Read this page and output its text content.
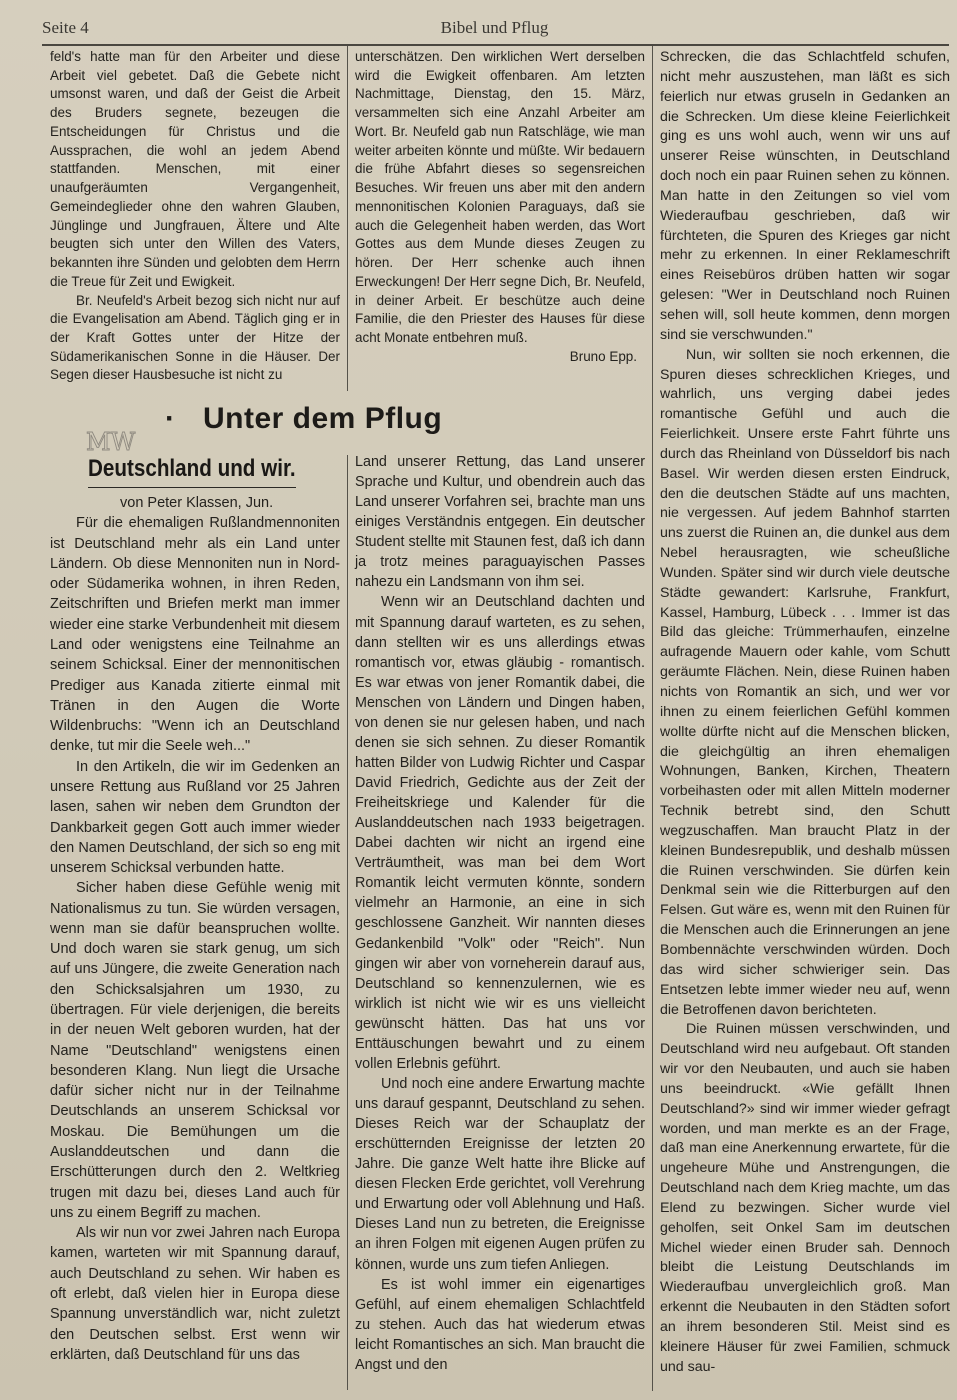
Seite 4	Bibel und Pflug

feld's hatte man für den Arbeiter und diese Arbeit viel gebetet. Daß die Gebete nicht umsonst waren, und daß der Geist die Arbeit des Bruders segnete, bezeugen die Entscheidungen für Christus und die Aussprachen, die wohl an jedem Abend stattfanden. Menschen, mit einer unaufgeräumten Vergangenheit, Gemeindeglieder ohne den wahren Glauben, Jünglinge und Jungfrauen, Ältere und Alte beugten sich unter den Willen des Vaters, bekannten ihre Sünden und gelobten dem Herrn die Treue für Zeit und Ewigkeit.

Br. Neufeld's Arbeit bezog sich nicht nur auf die Evangelisation am Abend. Täglich ging er in der Kraft Gottes unter der Hitze der Südamerikanischen Sonne in die Häuser. Der Segen dieser Hausbesuche ist nicht zu

unterschätzen. Den wirklichen Wert derselben wird die Ewigkeit offenbaren. Am letzten Nachmittage, Dienstag, den 15. März, versammelten sich eine Anzahl Arbeiter am Wort. Br. Neufeld gab nun Ratschläge, wie man weiter arbeiten könnte und müßte. Wir bedauern die frühe Abfahrt dieses so segensreichen Besuches. Wir freuen uns aber mit den andern mennonitischen Kolonien Paraguays, daß sie auch die Gelegenheit haben werden, das Wort Gottes aus dem Munde dieses Zeugen zu hören. Der Herr schenke auch ihnen Erweckungen! Der Herr segne Dich, Br. Neufeld, in deiner Arbeit. Er beschütze auch deine Familie, die den Priester des Hauses für diese acht Monate entbehren muß.

Bruno Epp.

MW
· Unter dem Pflug
Deutschland und wir.

von Peter Klassen, Jun.

Für die ehemaligen Rußlandmennoniten ist Deutschland mehr als ein Land unter Ländern. Ob diese Mennoniten nun in Nord-oder Südamerika wohnen, in ihren Reden, Zeitschriften und Briefen merkt man immer wieder eine starke Verbundenheit mit diesem Land oder wenigstens eine Teilnahme an seinem Schicksal. Einer der mennonitischen Prediger aus Kanada zitierte einmal mit Tränen in den Augen die Worte Wildenbruchs: "Wenn ich an Deutschland denke, tut mir die Seele weh..."

In den Artikeln, die wir im Gedenken an unsere Rettung aus Rußland vor 25 Jahren lasen, sahen wir neben dem Grundton der Dankbarkeit gegen Gott auch immer wieder den Namen Deutschland, der sich so eng mit unserem Schicksal verbunden hatte.

Sicher haben diese Gefühle wenig mit Nationalismus zu tun. Sie würden versagen, wenn man sie dafür beanspruchen wollte. Und doch waren sie stark genug, um sich auf uns Jüngere, die zweite Generation nach den Schicksalsjahren um 1930, zu übertragen. Für viele derjenigen, die bereits in der neuen Welt geboren wurden, hat der Name "Deutschland" wenigstens einen besonderen Klang. Nun liegt die Ursache dafür sicher nicht nur in der Teilnahme Deutschlands an unserem Schicksal vor Moskau. Die Bemühungen um die Auslanddeutschen und dann die Erschütterungen durch den 2. Weltkrieg trugen mit dazu bei, dieses Land auch für uns zu einem Begriff zu machen.

Als wir nun vor zwei Jahren nach Europa kamen, warteten wir mit Spannung darauf, auch Deutschland zu sehen. Wir haben es oft erlebt, daß vielen hier in Europa diese Spannung unverständlich war, nicht zuletzt den Deutschen selbst. Erst wenn wir erklärten, daß Deutschland für uns das

Land unserer Rettung, das Land unserer Sprache und Kultur, und obendrein auch das Land unserer Vorfahren sei, brachte man uns einiges Verständnis entgegen. Ein deutscher Student stellte mit Staunen fest, daß ich dann ja trotz meines paraguayischen Passes nahezu ein Landsmann von ihm sei.

Wenn wir an Deutschland dachten und mit Spannung darauf warteten, es zu sehen, dann stellten wir es uns allerdings etwas romantisch vor, etwas gläubig - romantisch. Es war etwas von jener Romantik dabei, die Menschen von Ländern und Dingen haben, von denen sie nur gelesen haben, und nach denen sie sich sehnen. Zu dieser Romantik hatten Bilder von Ludwig Richter und Caspar David Friedrich, Gedichte aus der Zeit der Freiheitskriege und Kalender für die Auslanddeutschen nach 1933 beigetragen. Dabei dachten wir nicht an irgend eine Verträumtheit, was man bei dem Wort Romantik leicht vermuten könnte, sondern vielmehr an Harmonie, an eine in sich geschlossene Ganzheit. Wir nannten dieses Gedankenbild "Volk" oder "Reich". Nun gingen wir aber von vorneherein darauf aus, Deutschland so kennenzulernen, wie es wirklich ist nicht wie wir es uns vielleicht gewünscht hätten. Das hat uns vor Enttäuschungen bewahrt und zu einem vollen Erlebnis geführt.

Und noch eine andere Erwartung machte uns darauf gespannt, Deutschland zu sehen. Dieses Reich war der Schauplatz der erschütternden Ereignisse der letzten 20 Jahre. Die ganze Welt hatte ihre Blicke auf diesen Flecken Erde gerichtet, voll Verehrung und Erwartung oder voll Ablehnung und Haß. Dieses Land nun zu betreten, die Ereignisse an ihren Folgen mit eigenen Augen prüfen zu können, wurde uns zum tiefen Anliegen.

Es ist wohl immer ein eigenartiges Gefühl, auf einem ehemaligen Schlachtfeld zu stehen. Auch das hat wiederum etwas leicht Romantisches an sich. Man braucht die Angst und den

Schrecken, die das Schlachtfeld schufen, nicht mehr auszustehen, man läßt es sich feierlich nur etwas gruseln in Gedanken an die Schrecken. Um diese kleine Feierlichkeit ging es uns wohl auch, wenn wir uns auf unserer Reise wünschten, in Deutschland doch noch ein paar Ruinen sehen zu können. Man hatte in den Zeitungen so viel vom Wiederaufbau geschrieben, daß wir fürchteten, die Spuren des Krieges gar nicht mehr zu erkennen. In einer Reklameschrift eines Reisebüros drüben hatten wir sogar gelesen: "Wer in Deutschland noch Ruinen sehen will, soll heute kommen, denn morgen sind sie verschwunden."

Nun, wir sollten sie noch erkennen, die Spuren dieses schrecklichen Krieges, und wahrlich, uns verging dabei jedes romantische Gefühl und auch die Feierlichkeit. Unsere erste Fahrt führte uns durch das Rheinland von Düsseldorf bis nach Basel. Wir werden diesen ersten Eindruck, den die deutschen Städte auf uns machten, nie vergessen. Auf jedem Bahnhof starrten uns zuerst die Ruinen an, die dunkel aus dem Nebel herausragten, wie scheußliche Wunden. Später sind wir durch viele deutsche Städte gewandert: Karlsruhe, Frankfurt, Kassel, Hamburg, Lübeck . . . Immer ist das Bild das gleiche: Trümmerhaufen, einzelne aufragende Mauern oder kahle, vom Schutt geräumte Flächen. Nein, diese Ruinen haben nichts von Romantik an sich, und wer vor ihnen zu einem feierlichen Gefühl kommen wollte dürfte nicht auf die Menschen blicken, die gleichgültig an ihren ehemaligen Wohnungen, Banken, Kirchen, Theatern vorbeihasten oder mit allen Mitteln moderner Technik betrebt sind, den Schutt wegzuschaffen. Man braucht Platz in der kleinen Bundesrepublik, und deshalb müssen die Ruinen verschwinden. Sie dürfen kein Denkmal sein wie die Ritterburgen auf den Felsen. Gut wäre es, wenn mit den Ruinen für die Menschen auch die Erinnerungen an jene Bombennächte verschwinden würden. Doch das wird sicher schwieriger sein. Das Entsetzen lebte immer wieder neu auf, wenn die Betroffenen davon berichteten.

Die Ruinen müssen verschwinden, und Deutschland wird neu aufgebaut. Oft standen wir vor den Neubauten, und auch sie haben uns beeindruckt. «Wie gefällt Ihnen Deutschland?» sind wir immer wieder gefragt worden, und man merkte es an der Frage, daß man eine Anerkennung erwartete, für die ungeheure Mühe und Anstrengungen, die Deutschland nach dem Krieg machte, um das Elend zu bezwingen. Sicher wurde viel geholfen, seit Onkel Sam im deutschen Michel wieder einen Bruder sah. Dennoch bleibt die Leistung Deutschlands im Wiederaufbau unvergleichlich groß. Man erkennt die Neubauten in den Städten sofort an ihrem besonderen Stil. Meist sind es kleinere Häuser für zwei Familien, schmuck und sau-
